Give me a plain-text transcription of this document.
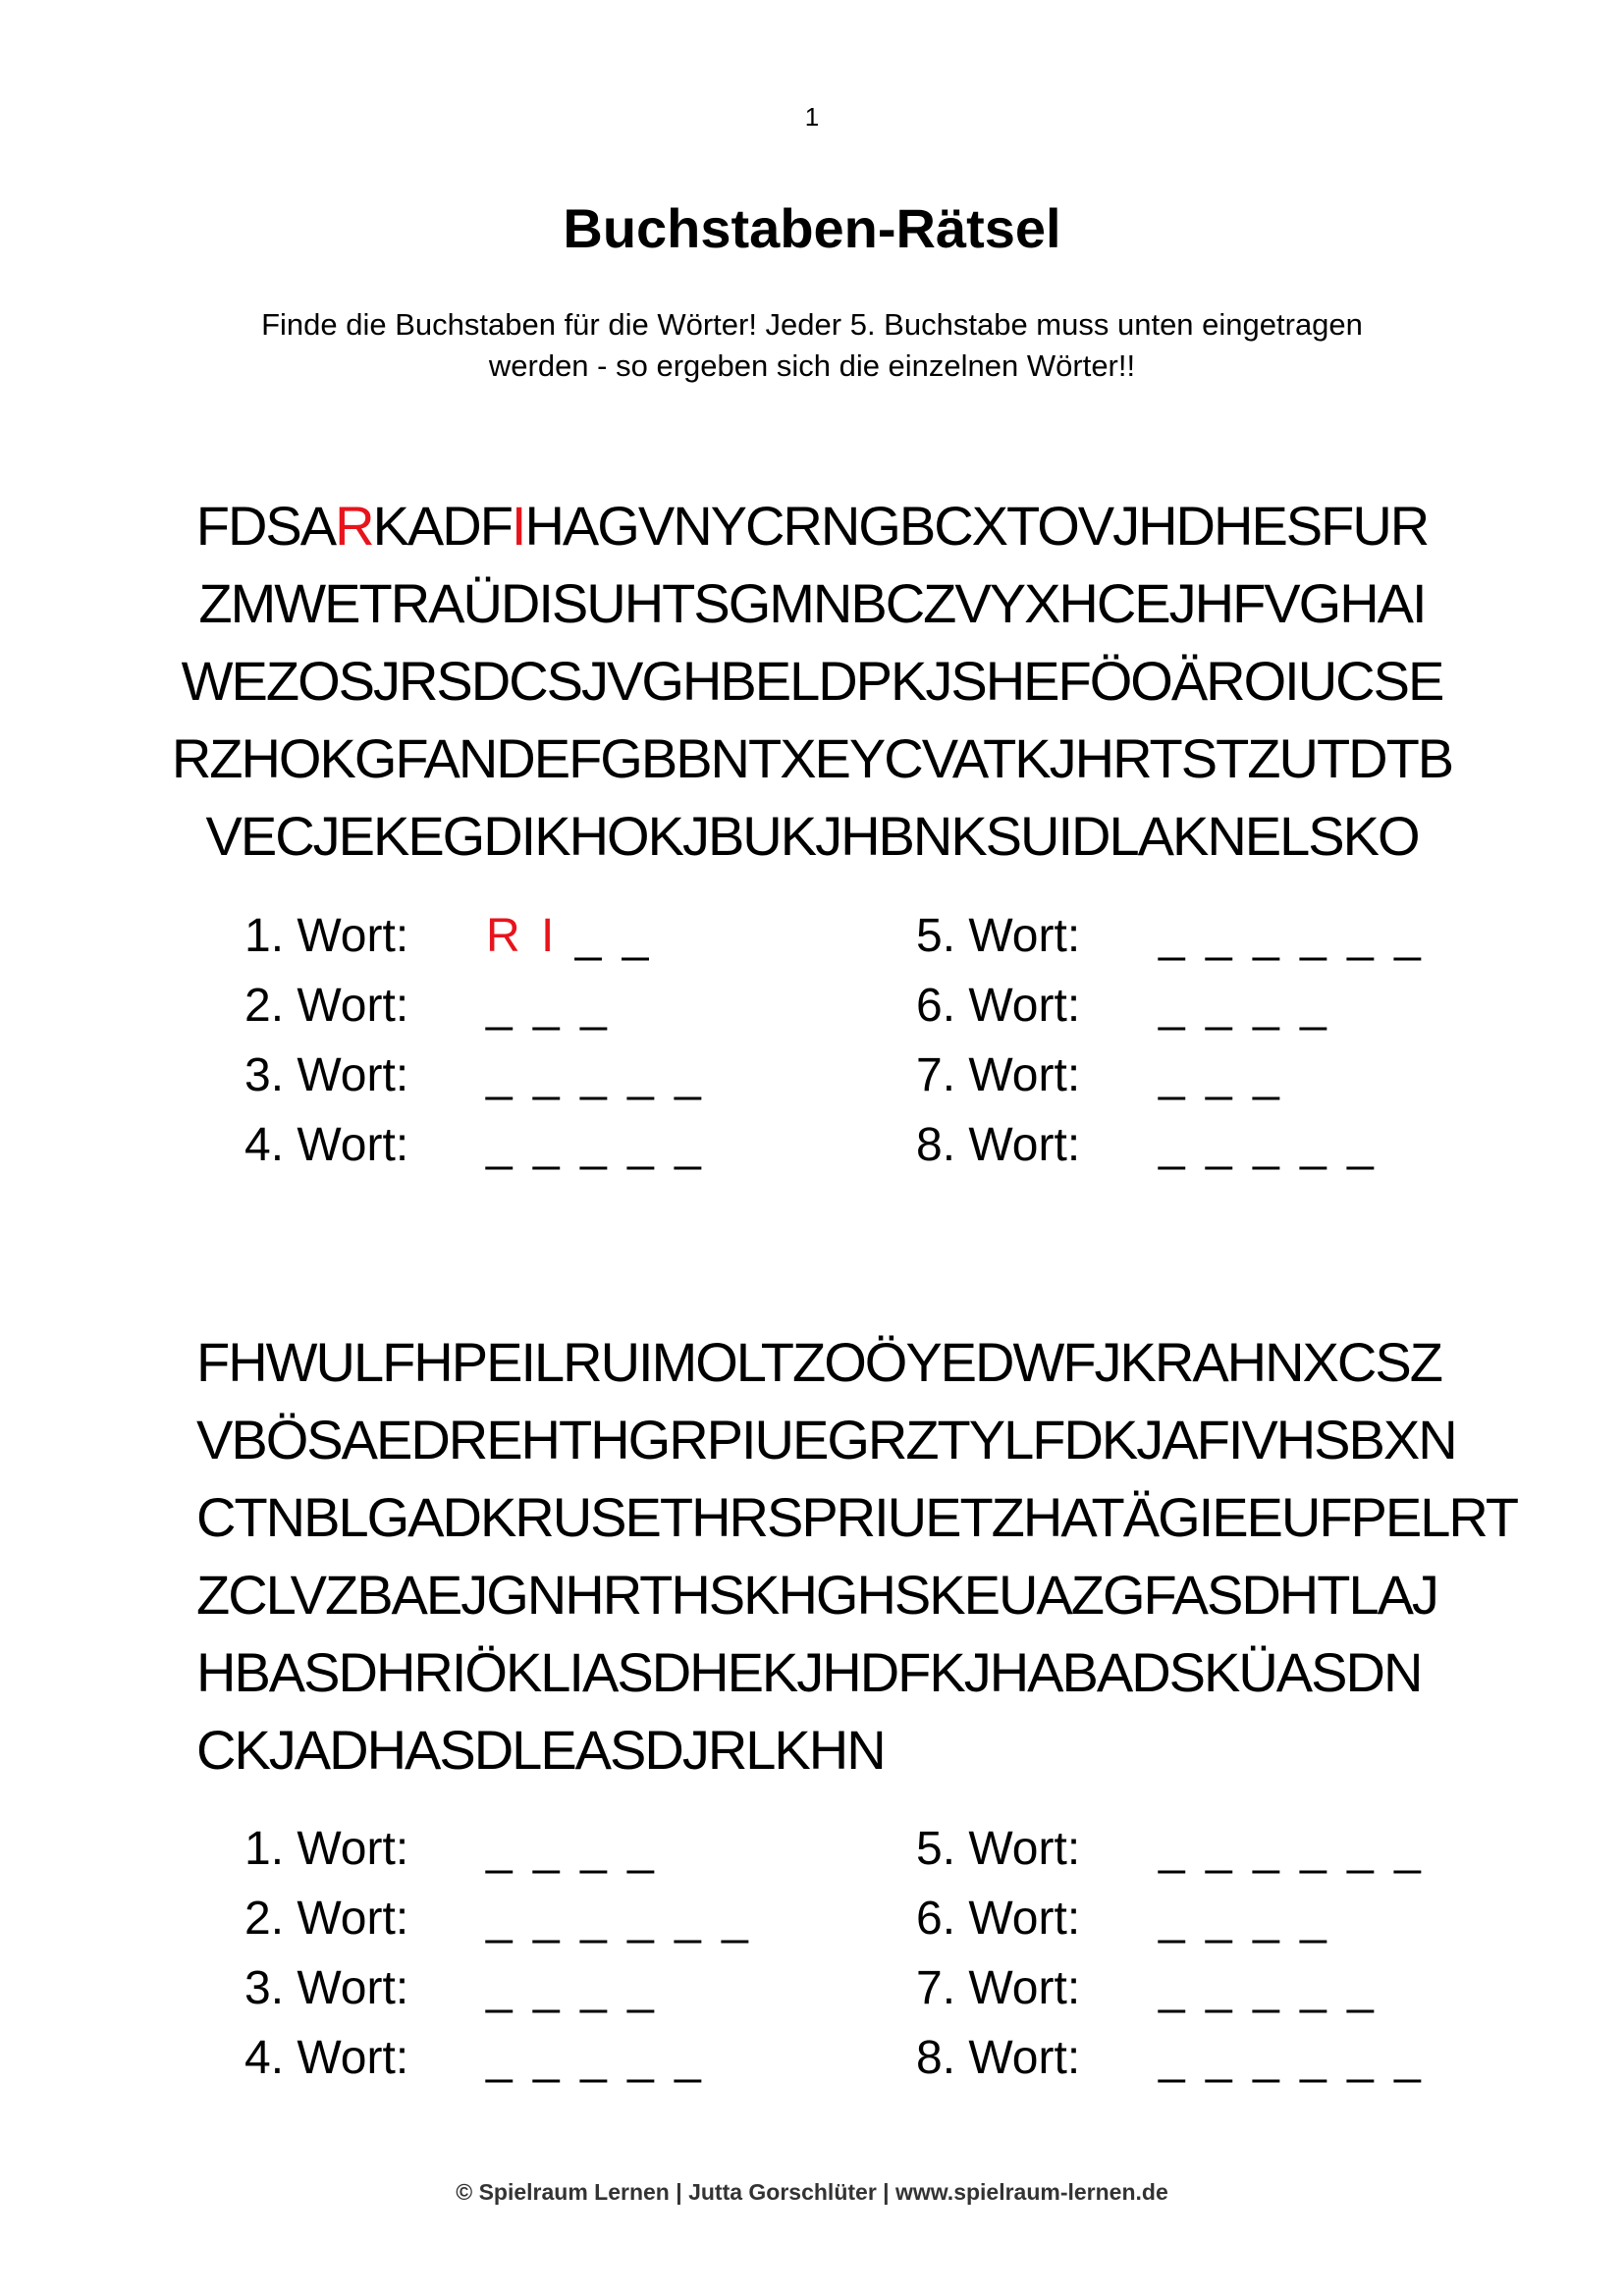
1
Buchstaben-Rätsel
Finde die Buchstaben für die Wörter! Jeder 5. Buchstabe muss unten eingetragen
werden - so ergeben sich die einzelnen Wörter!!
FDSARKADFIHAGVNYCRNGBCXTOVJHDHESFUR
ZMWETRAÜDISUHTSGMNBCZVYXHCEJHFVGHAI
WEZOSJRSDCSJVGHBELDPKJSHEFÖOÄROIUCSE
RZHOKGFANDEFGBBNTXEYCVATKJHRTSTZUTDTB
VECJEKEGDIKHOKJBUKJHBNKSUIDLAKNELSKO
1. Wort: R I _ _
2. Wort: _ _ _
3. Wort: _ _ _ _ _
4. Wort: _ _ _ _ _
5. Wort: _ _ _ _ _ _
6. Wort: _ _ _ _
7. Wort: _ _ _
8. Wort: _ _ _ _ _
FHWULFHPEILRUIMOLTZOÖYEDWFJKRAHNXCSZ
VBÖSAEDREHTHGRPIUEGRZTYLFDKJAFIVHSBXN
CTNBLGADKRUSETHRSPRIUETZHATÄGIEEUFPELRT
ZCLVZBAEJGNHRTHSKHGHSKEUAZGFASDHTLAJ
HBASDHRIÖKLIASDHEKJHDFKJHABADSKÜASDN
CKJADHASDLEASDJRLKHN
1. Wort: _ _ _ _
2. Wort: _ _ _ _ _ _
3. Wort: _ _ _ _
4. Wort: _ _ _ _ _
5. Wort: _ _ _ _ _ _
6. Wort: _ _ _ _
7. Wort: _ _ _ _ _
8. Wort: _ _ _ _ _ _
© Spielraum Lernen | Jutta Gorschlüter | www.spielraum-lernen.de
